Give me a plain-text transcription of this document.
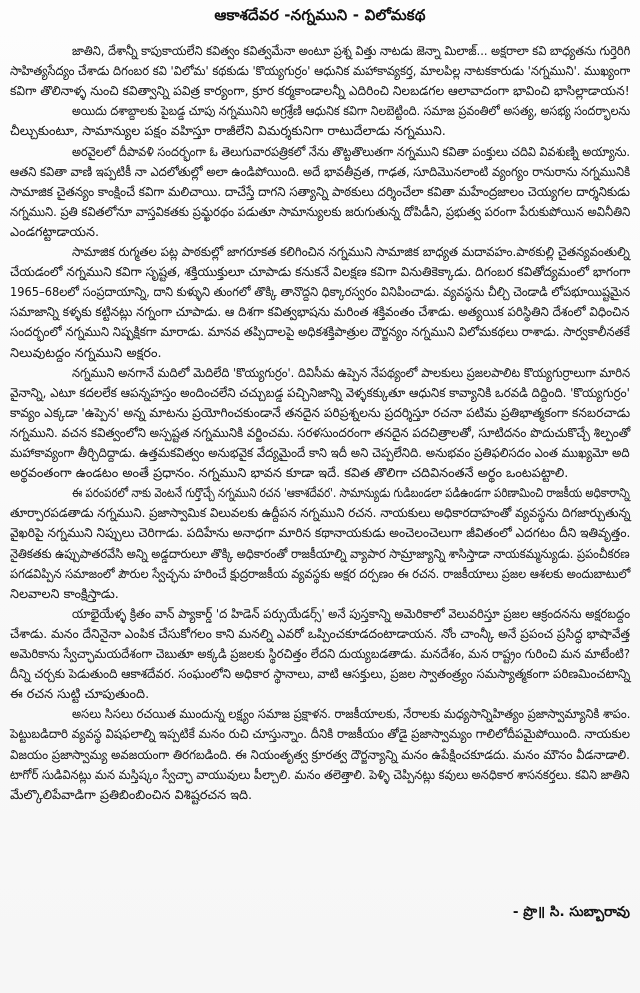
ఆకాశదేవర -నగ్నముని - విలోమకథ
జాతిని, దేశాన్నీ కాపుకాయలేని కవిత్వం కవిత్వమేనా అంటూ ప్రశ్న విత్తు నాటడు జెన్నా మిలాజ్... అక్షరాలా కవి బాధ్యతను గుర్తెరిగి
సాహిత్యసేద్యం చేశాడు దిగంబర కవి 'విలోమ' కథకుడు 'కొయ్యగుర్రం' ఆధునిక మహాకావ్యకర్త, మాలపిల్ల నాటకకారుడు 'నగ్నముని'. ముఖ్యంగా
కవిగా తొలినాళ్ళ నుంచి కవిత్వాన్ని పవిత్ర కార్యంగా, క్రూర కర్మకాండాలన్నీ ఎదిరించి నిలబడగల ఆలావాదంగా భావించి భాసిల్లాడాయన!
అయిదు దశాబ్దాలకు పైబడ్డ చూపు నగ్నమునిని అగ్రశ్రేణి ఆధునిక కవిగా నిలబెట్టింది. సమాజ ప్రవంతిలో అసత్య, అసభ్య సందర్భాలను
చీల్చుకుంటూ, సామాన్యుల పక్షం వహిస్తూ రాజీలేని విమర్శకునిగా రాటుదేలాడు నగ్నముని.
అరవైలలో దీపావళి సందర్భంగా ఓ తెలుగువారపత్రికలో నేను తొట్టతొలుతగా నగ్నముని కవితా పంక్తులు చదివి వివశుణ్ని అయ్యాను.
ఆతని కవితా వాణి ఇప్పటికీ నా ఎదలోతుల్లో అలా ఉండిపోయింది. అదే భావతీవ్రత, గాఢత, సూదిమొనలాంటి వ్యంగ్యం రానురాను నగ్నమునికి
సామాజిక చైతన్యం కాంక్షించే కవిగా మలిచాయి. దాచేస్తే దాగని సత్యాన్ని పాఠకులు దర్శించేలా కవితా మహేంద్రజాలం చెయ్యగల దార్శనికుడు
నగ్నముని. ప్రతి కవితలోనూ వాస్తవికతకు ప్రమ్ఖరథం పడుతూ సామాన్యులకు జరుగుతున్న దోపిడీని, ప్రభుత్వ పరంగా పేరుకుపోయిన అవినీతిని
ఎండగట్టాడాయన.
సామాజిక రుగ్మతల పట్ల పాఠకుల్లో జాగరూకత కలిగించిన నగ్నముని సామాజిక బాధ్యత మదావహం.పాఠకుల్లి చైతన్యవంతుల్ని
చేయడంలో నగ్నముని కవిగా సృష్టత, శక్తియుక్తులూ చూపాడు కనుకనే విలక్షణ కవిగా వినుతికెక్కాడు. దిగంబర కవితోద్యమంలో భాగంగా
1965–68లలో సంప్రదాయాన్ని, దాని కుళ్ళుని తుంగలో తొక్కి తానొద్దని ధిక్కారస్వరం వినిపించాడు. వ్యవస్థను చీల్చి చెండాడి లోపభూయిష్టమైన
సమాజాన్ని కళ్ళకు కట్టినట్లు నగ్నంగా చూపాడు. ఆ దిశగా కవిత్వభాషను మరింత శక్తివంతం చేశాడు. అత్యయిక పరిస్థితిని దేశంలో విధించిన
సందర్భంలో నగ్నముని నిష్పక్షికగా మారాడు. మానవ తప్పిదాలపై అధికశక్తిపాత్రుల దౌర్జన్యం నగ్నముని విలోమకథలు రాశాడు. సార్వకాలీనతకే
నిలువుటద్దం నగ్నముని అక్షరం.
నగ్నముని అనగానే మదిలో మెదిలేది 'కొయ్యగుర్రం'. దివిసీమ ఉప్పెన నేపథ్యంలో పాలకులు ప్రజలపాలిట కొయ్యగుర్రాలుగా మారిన
వైనాన్ని, ఎటూ కదలలేక ఆపన్నహస్తం అందించలేని చచ్చుబడ్డ పచ్చినిజాన్ని వెళ్ళకక్కుతూ ఆధునిక కావ్యానికి ఒరవడి దిద్దింది. 'కొయ్యగుర్రం'
కావ్యం ఎక్కడా 'ఉప్పెన' అన్న మాటను ప్రయోగించకుండానే తనదైన పరిప్రశ్నలను ప్రదర్శిస్తూ రచనా పటిమ ప్రతిభాత్మకంగా కనబరచాడు
నగ్నముని. వచన కవిత్వంలోని అస్పష్టత నగ్నమునికి వర్జించమ. సరళసుందరంగా తనదైన పదచిత్రాలతో, సూటిదనం పొదుచుకొచ్చే శిల్పంతో
మహాకావ్యంగా తీర్చిదిద్దాడు. ఉత్తమకవిత్వం అనుభవైక వేద్యమైందే కాని ఇదీ అని చెప్పలేనిది. అనుభవం ప్రతిఫలిసదం ఎంత ముఖ్యమో అది
అర్థవంతంగా ఉండటం అంతే ప్రధానం. నగ్నముని భావన కూడా ఇదే. కవిత తొలిగా చదివినంతనే అర్థం ఒంటపట్టాలి.
ఈ పరంపరలో నాకు వెంటనే గుర్తొచ్చే నగ్నముని రచన 'ఆకాశదేవర'. సామాన్యుడు గుడిబండలా పడిఉండగా పరిణామించి రాజకీయ అధికారాన్ని
తూర్పారపడతాడు నగ్నముని. ప్రజాస్వామిక విలువలకు ఉద్దీపన నగ్నముని రచన. నాయకులు అధికారదాహంతో వ్యవస్థను దిగజార్చుతున్న
వైఖరిపై నగ్నముని నిప్పులు చెరిగాడు. పదిహేను అనాధగా మారిన కథానాయకుడు అంచెలంచెలుగా జీవితంలో ఎదగటం దీని ఇతివృత్తం.
నైతికతకు ఉప్పుపాతరవేసి అన్ని అడ్డదారులూ తొక్కి అధికారంతో రాజకీయాల్ని వ్యాపార సామ్రాజ్యాన్ని శాసిస్తాడా నాయకమ్మన్యుడు. ప్రపంచీకరణ
పగడవిప్పిన సమాజంలో పౌరుల స్వేచ్ఛను హరించే క్షుద్రరాజకీయ వ్యవస్థకు అక్షర దర్పణం ఈ రచన. రాజకీయాలు ప్రజల ఆశలకు అందుబాటులో
నిలవాలని కాంక్షిస్తాడు.
యాభైయేళ్ళ క్రితం వాన్ ప్యాకార్డ్ 'ద హిడెన్ పర్సుయేడర్స్' అనే పుస్తకాన్ని అమెరికాలో వెలువరిస్తూ ప్రజల ఆక్రందనను అక్షరబద్దం
చేశాడు. మనం దేనినైనా ఎంపిక చేసుకోగలం కాని మనల్ని ఎవరో ఒప్పించకూడదంటాడాయన. నోం చాంన్కీ అనే ప్రపంచ ప్రసిద్ధ భాషావేత్త
అమెరికాను స్వేచ్ఛామయదేశంగా చెబుతూ అక్కడి ప్రజలకు స్థిరచిత్తం లేదని దుయ్యబడతాడు. మనదేశం, మన రాష్ట్రం గురించి మన మాటేంటి?
దీన్ని చర్చకు పెడుతుంది ఆకాశదేవర. సంఘంలోని అధికార స్థానాలు, వాటి ఆసక్తులు, ప్రజల స్వాతంత్ర్యం సమస్యాత్మకంగా పరిణమించటాన్ని
ఈ రచన సుట్టి చూపుతుంది.
అసలు సిసలు రచయిత ముందున్న లక్ష్యం సమాజ ప్రక్షాళన. రాజకీయాలకు, నేరాలకు మధ్యసాన్నిహిత్యం ప్రజాస్వామ్యానికి శాపం.
పెట్టుబడిదారి వ్యవస్థ విషఫలాల్ని ఇప్పటికే మనం రుచి చూస్తున్నాం. దీనికి రాజకీయం తోడై ప్రజాస్వామ్యం గాలిలోదీపమైపోయింది. నాయకుల
విజయం ప్రజాస్వామ్య అవజయంగా తిరగబడింది. ఈ నియంతృత్వ క్రూరత్వ దౌర్జన్యాన్ని మనం ఉపేక్షించకూడదు. మనం మౌనం వీడనాడాలి.
టాగోర్ సుడివినట్లు మన మస్తిష్కం స్వేచ్ఛా వాయువులు పీల్చాలి. మనం తలెత్తాలి. పెళ్ళి చెప్పినట్లు కవులు అనధికార శాసనకర్తలు. కవిని జాతిని
మేల్కొలిపేవాడిగా ప్రతిబింబించిన విశిష్టరచన ఇది.
- ప్రొ॥ సి. సుబ్బారావు
